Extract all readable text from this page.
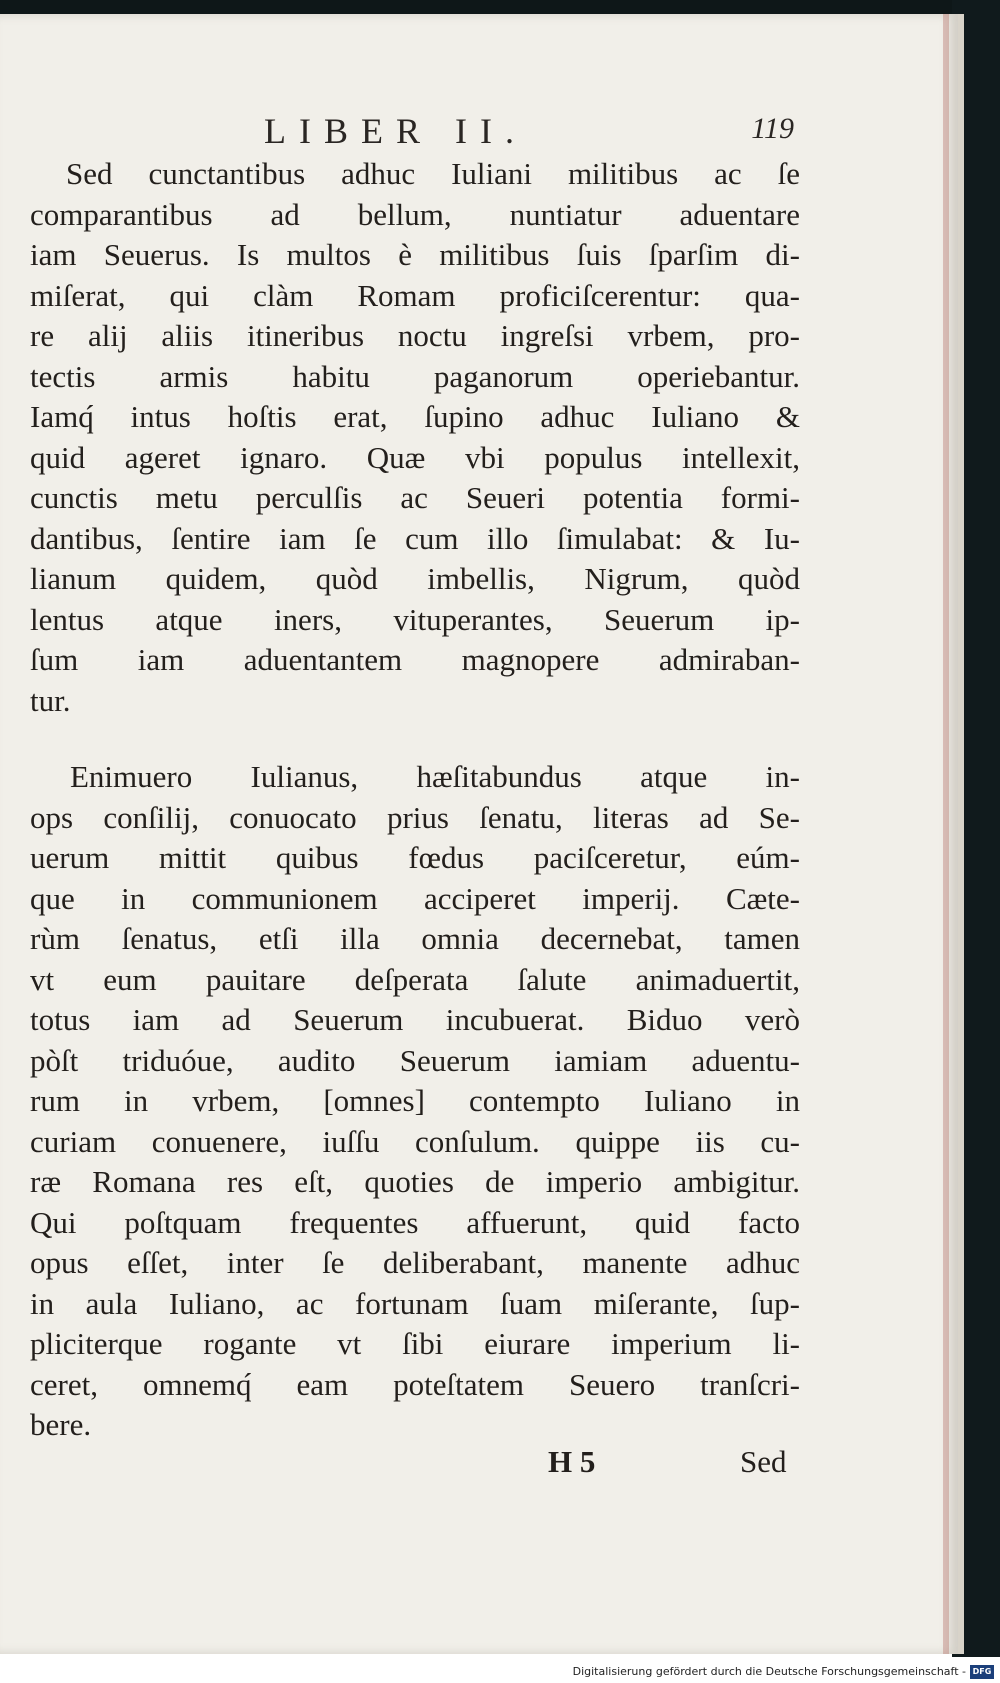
LIBER II.	119
Sed cunctantibus adhuc Iuliani militibus ac ſe
comparantibus ad bellum, nuntiatur aduentare
iam Seuerus. Is multos è militibus ſuis ſparſim di-
miſerat, qui clàm Romam proficiſcerentur: qua-
re alij aliis itineribus noctu ingreſsi vrbem, pro-
tectis armis habitu paganorum operiebantur.
Iamq́ intus hoſtis erat, ſupino adhuc Iuliano &
quid ageret ignaro. Quæ vbi populus intellexit,
cunctis metu perculſis ac Seueri potentia formi-
dantibus, ſentire iam ſe cum illo ſimulabat: & Iu-
lianum quidem, quòd imbellis, Nigrum, quòd
lentus atque iners, vituperantes, Seuerum ip-
ſum iam aduentantem magnopere admiraban-
tur.
Enimuero Iulianus, hæſitabundus atque in-
ops conſilij, conuocato prius ſenatu, literas ad Se-
uerum mittit quibus fœdus paciſceretur, eúm-
que in communionem acciperet imperij. Cæte-
rùm ſenatus, etſi illa omnia decernebat, tamen
vt eum pauitare deſperata ſalute animaduertit,
totus iam ad Seuerum incubuerat. Biduo verò
pòſt triduóue, audito Seuerum iamiam aduentu-
rum in vrbem, [omnes] contempto Iuliano in
curiam conuenere, iuſſu conſulum. quippe iis cu-
ræ Romana res eſt, quoties de imperio ambigitur.
Qui poſtquam frequentes affuerunt, quid facto
opus eſſet, inter ſe deliberabant, manente adhuc
in aula Iuliano, ac fortunam ſuam miſerante, ſup-
pliciterque rogante vt ſibi eiurare imperium li-
ceret, omnemq́ eam poteſtatem Seuero tranſcri-
bere.
H 5	Sed
Digitalisierung gefördert durch die Deutsche Forschungsgemeinschaft - DFG
